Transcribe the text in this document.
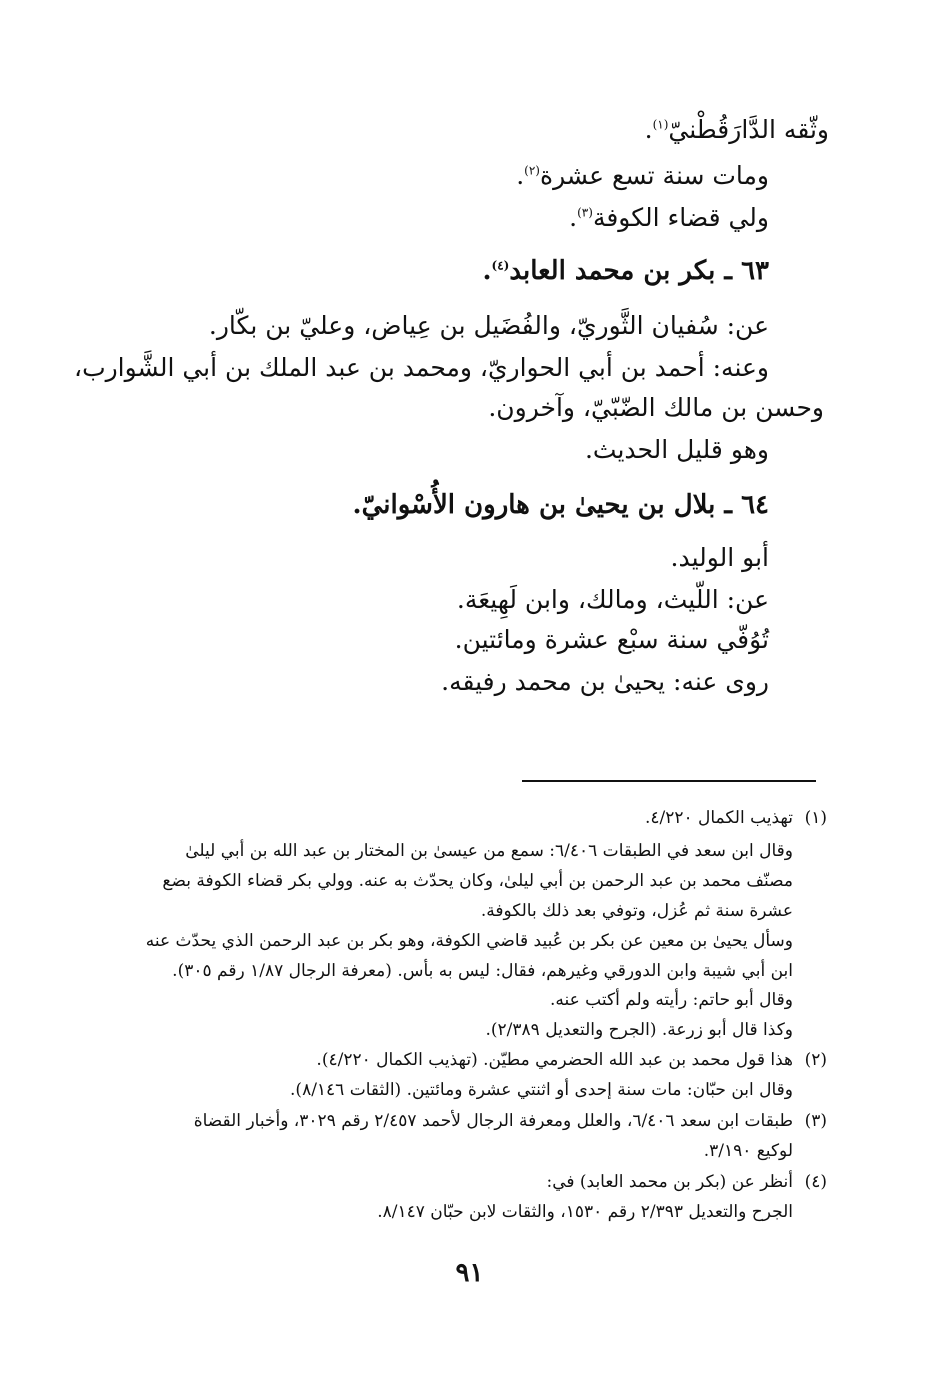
وثّقه الدَّارَقُطْنيّ$^{(١)}$.
ومات سنة تسع عشرة$^{(٢)}$.
ولي قضاء الكوفة$^{(٣)}$.
٦٣ ـ بكر بن محمد العابد$^{(٤)}$.
عن: سُفيان الثَّوريّ، والفُضَيل بن عِياض، وعليّ بن بكّار.
وعنه: أحمد بن أبي الحواريّ، ومحمد بن عبد الملك بن أبي الشَّوارب،
وحسن بن مالك الضّبّيّ، وآخرون.
وهو قليل الحديث.
٦٤ ـ بلال بن يحيىٰ بن هارون الأُسْوانيّ.
أبو الوليد.
عن: اللّيث، ومالك، وابن لَهِيعَة.
تُوُفّي سنة سبْع عشرة ومائتين.
روى عنه: يحيىٰ بن محمد رفيقه.
(١)تهذيب الكمال ٤/٢٢٠.
وقال ابن سعد في الطبقات ٦/٤٠٦: سمع من عيسىٰ بن المختار بن عبد الله بن أبي ليلىٰ
مصنّف محمد بن عبد الرحمن بن أبي ليلىٰ، وكان يحدّث به عنه. وولي بكر قضاء الكوفة بضع
عشرة سنة ثم عُزل، وتوفي بعد ذلك بالكوفة.
وسأل يحيىٰ بن معين عن بكر بن عُبيد قاضي الكوفة، وهو بكر بن عبد الرحمن الذي يحدّث عنه
ابن أبي شيبة وابن الدورقي وغيرهم، فقال: ليس به بأس. (معرفة الرجال ١/٨٧ رقم ٣٠٥).
وقال أبو حاتم: رأيته ولم أكتب عنه.
وكذا قال أبو زرعة. (الجرح والتعديل ٢/٣٨٩).
(٢)هذا قول محمد بن عبد الله الحضرمي مطيّن. (تهذيب الكمال ٤/٢٢٠).
وقال ابن حبّان: مات سنة إحدى أو اثنتي عشرة ومائتين. (الثقات ٨/١٤٦).
(٣)طبقات ابن سعد ٦/٤٠٦، والعلل ومعرفة الرجال لأحمد ٢/٤٥٧ رقم ٣٠٢٩، وأخبار القضاة
لوكيع ٣/١٩٠.
(٤)أنظر عن (بكر بن محمد العابد) في:
الجرح والتعديل ٢/٣٩٣ رقم ١٥٣٠، والثقات لابن حبّان ٨/١٤٧.
٩١
